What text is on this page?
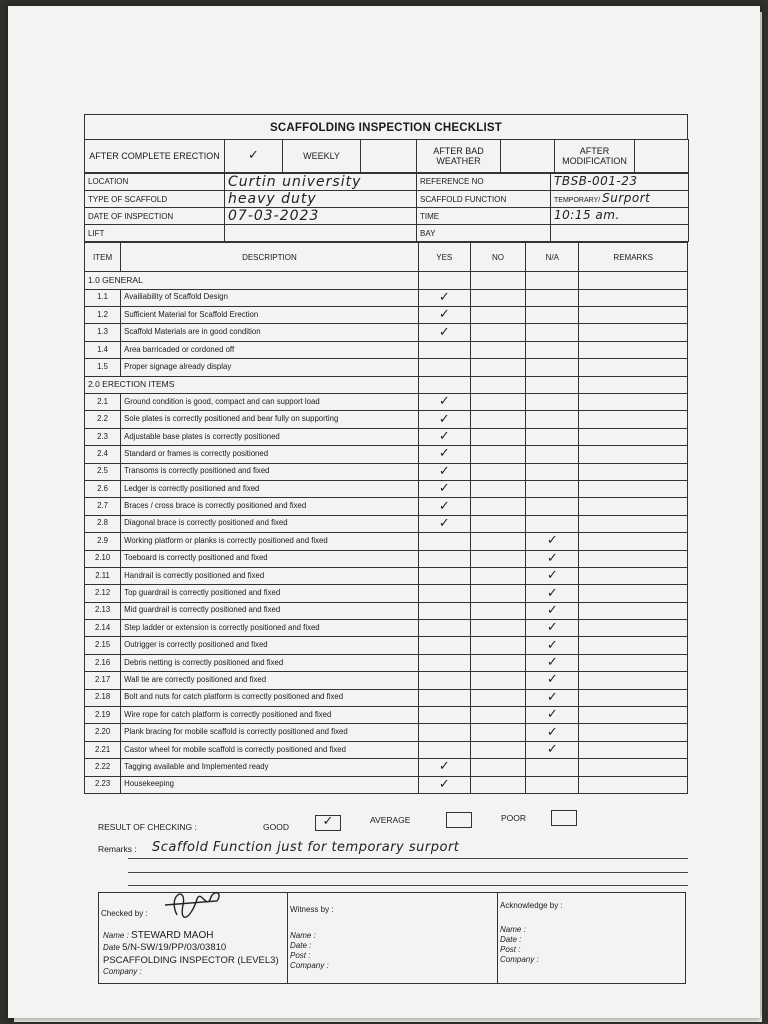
SCAFFOLDING INSPECTION CHECKLIST
AFTER COMPLETE ERECTION	✓	WEEKLY		AFTER BAD WEATHER		AFTER MODIFICATION	
LOCATION	Curtin university	REFERENCE NO	TBSB-001-23
TYPE OF SCAFFOLD	heavy duty	SCAFFOLD FUNCTION	TEMPORARY/ Surport
DATE OF INSPECTION	07-03-2023	TIME	10:15 am.
LIFT		BAY	
ITEM	DESCRIPTION	YES	NO	N/A	REMARKS
1.0 GENERAL					
1.1	Availiability of Scaffold Design	✓			
1.2	Sufficient Material for Scaffold Erection	✓			
1.3	Scaffold Materials are in good condition	✓			
1.4	Area barricaded or cordoned off				
1.5	Proper signage already display				
2.0 ERECTION ITEMS					
2.1	Ground condition is good, compact and can support load	✓			
2.2	Sole plates is correctly positioned and bear fully on supporting	✓			
2.3	Adjustable base plates is correctly positioned	✓			
2.4	Standard or frames is correctly positioned	✓			
2.5	Transoms is correctly positioned and fixed	✓			
2.6	Ledger is correctly positioned and fixed	✓			
2.7	Braces / cross brace is correctly positioned and fixed	✓			
2.8	Diagonal brace is correctly positioned and fixed	✓			
2.9	Working platform or planks is correctly positioned and fixed			✓	
2.10	Toeboard is correctly positioned and fixed			✓	
2.11	Handrail is correctly positioned and fixed			✓	
2.12	Top guardrail is correctly positioned and fixed			✓	
2.13	Mid guardrail is correctly positioned and fixed			✓	
2.14	Step ladder or extension is correctly positioned and fixed			✓	
2.15	Outrigger is correctly positioned and fixed			✓	
2.16	Debris netting is correctly positioned and fixed			✓	
2.17	Wall tie are correctly positioned and fixed			✓	
2.18	Bolt and nuts for catch platform is correctly positioned and fixed			✓	
2.19	Wire rope for catch platform is correctly positioned and fixed			✓	
2.20	Plank bracing for mobile scaffold is correctly positioned and fixed			✓	
2.21	Castor wheel for mobile scaffold is correctly positioned and fixed			✓	
2.22	Tagging available and Implemented ready	✓			
2.23	Housekeeping	✓			
RESULT OF CHECKING :	GOOD	✓	AVERAGE	POOR
Remarks : Scaffold Function just for temporary surport
Checked by :
Name : STEWARD MAOH
Date 5/N-SW/19/PP/03/03810
PSCAFFOLDING INSPECTOR (LEVEL3)
Company :
Witness by :
Name :
Date :
Post :
Company :
Acknowledge by :
Name :
Date :
Post :
Company :
